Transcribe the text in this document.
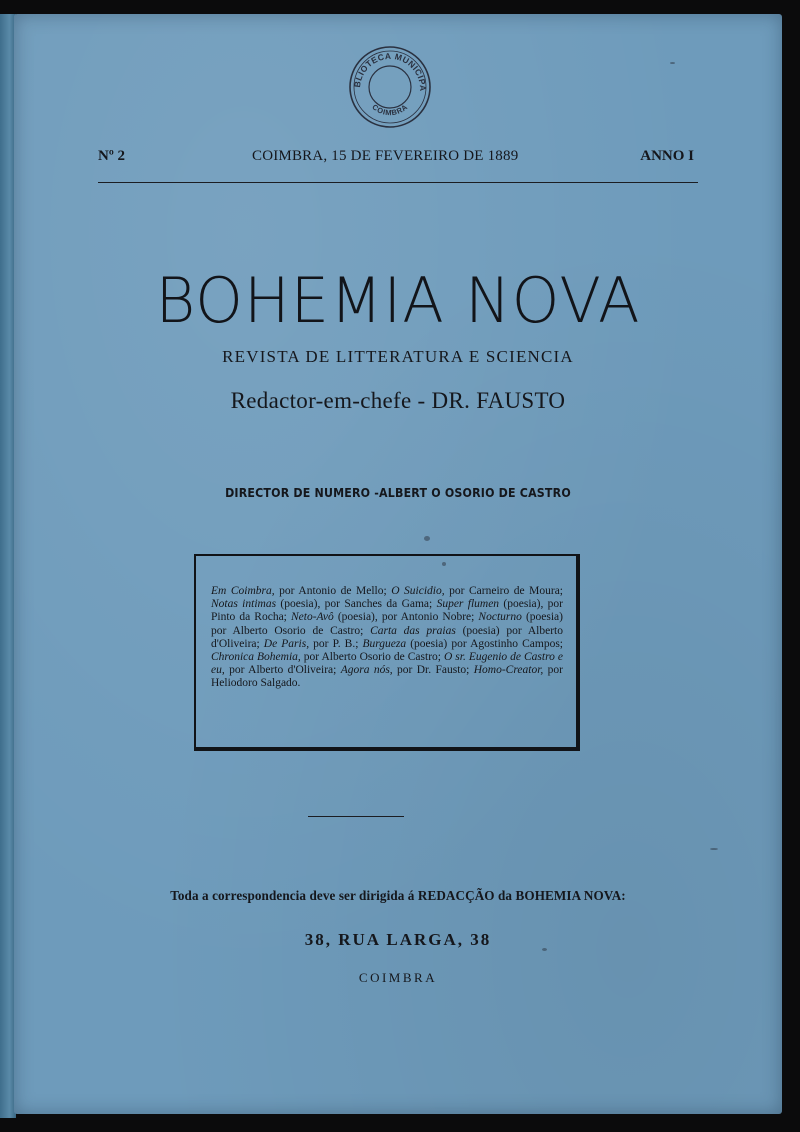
BLIOTECA MUNICIPA
COIMBRA
Nº 2	COIMBRA, 15 DE FEVEREIRO DE 1889	ANNO I
BOHEMIA NOVA
REVISTA DE LITTERATURA E SCIENCIA
Redactor-em-chefe - DR. FAUSTO
DIRECTOR DE NUMERO -ALBERT O OSORIO DE CASTRO
Em Coimbra, por Antonio de Mello; O Suicidio, por Carneiro de Moura; Notas intimas (poesia), por Sanches da Gama; Super flumen (poesia), por Pinto da Rocha; Neto-Avô (poesia), por Antonio Nobre; Nocturno (poesia) por Alberto Osorio de Castro; Carta das praias (poesia) por Alberto d'Oliveira; De Paris, por P. B.; Burgueza (poesia) por Agostinho Campos; Chronica Bohemia, por Alberto Osorio de Castro; O sr. Eugenio de Castro e eu, por Alberto d'Oliveira; Agora nós, por Dr. Fausto; Homo-Creator, por Heliodoro Salgado.
Toda a correspondencia deve ser dirigida á REDACÇÃO da BOHEMIA NOVA:
38, RUA LARGA, 38
COIMBRA
